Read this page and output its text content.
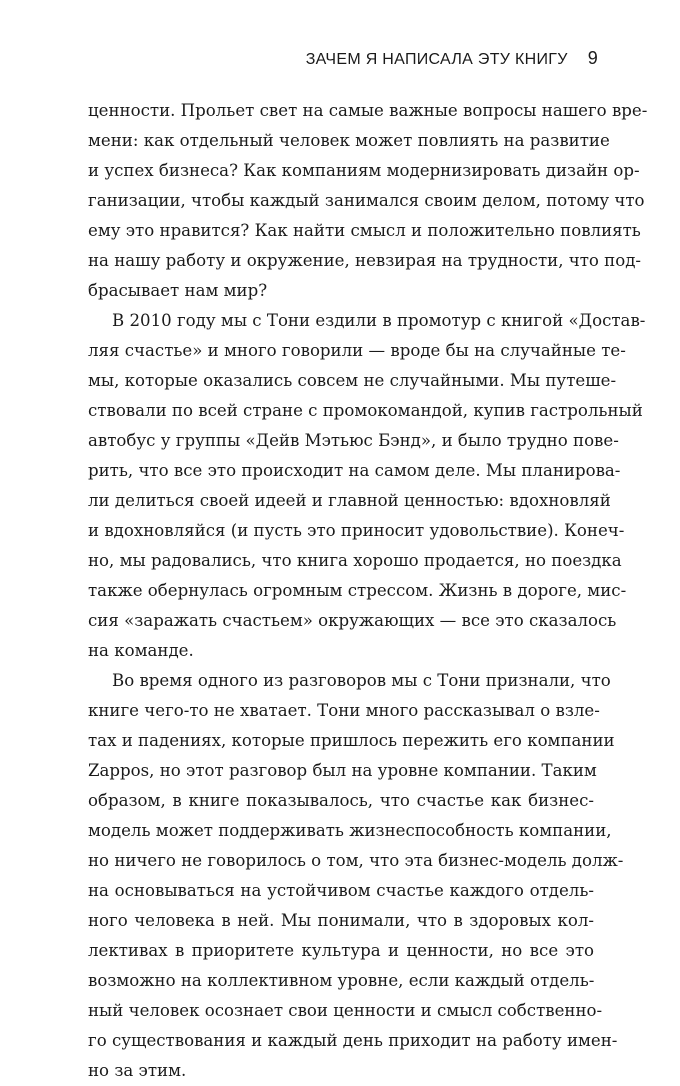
ЗАЧЕМ Я НАПИСАЛА ЭТУ КНИГУ 9
ценности. Прольет свет на самые важные вопросы нашего вре-
мени: как отдельный человек может повлиять на развитие
и успех бизнеса? Как компаниям модернизировать дизайн ор-
ганизации, чтобы каждый занимался своим делом, потому что
ему это нравится? Как найти смысл и положительно повлиять
на нашу работу и окружение, невзирая на трудности, что под-
брасывает нам мир?
В 2010 году мы с Тони ездили в промотур с книгой «Достав-
ляя счастье» и много говорили — вроде бы на случайные те-
мы, которые оказались совсем не случайными. Мы путеше-
ствовали по всей стране с промокомандой, купив гастрольный
автобус у группы «Дейв Мэтьюс Бэнд», и было трудно пове-
рить, что все это происходит на самом деле. Мы планирова-
ли делиться своей идеей и главной ценностью: вдохновляй
и вдохновляйся (и пусть это приносит удовольствие). Конеч-
но, мы радовались, что книга хорошо продается, но поездка
также обернулась огромным стрессом. Жизнь в дороге, мис-
сия «заражать счастьем» окружающих — все это сказалось
на команде.
Во время одного из разговоров мы с Тони признали, что
книге чего-то не хватает. Тони много рассказывал о взле-
тах и падениях, которые пришлось пережить его компании
Zappos, но этот разговор был на уровне компании. Таким
образом, в книге показывалось, что счастье как бизнес-
модель может поддерживать жизнеспособность компании,
но ничего не говорилось о том, что эта бизнес-модель долж-
на основываться на устойчивом счастье каждого отдель-
ного человека в ней. Мы понимали, что в здоровых кол-
лективах в приоритете культура и ценности, но все это
возможно на коллективном уровне, если каждый отдель-
ный человек осознает свои ценности и смысл собственно-
го существования и каждый день приходит на работу имен-
но за этим.
